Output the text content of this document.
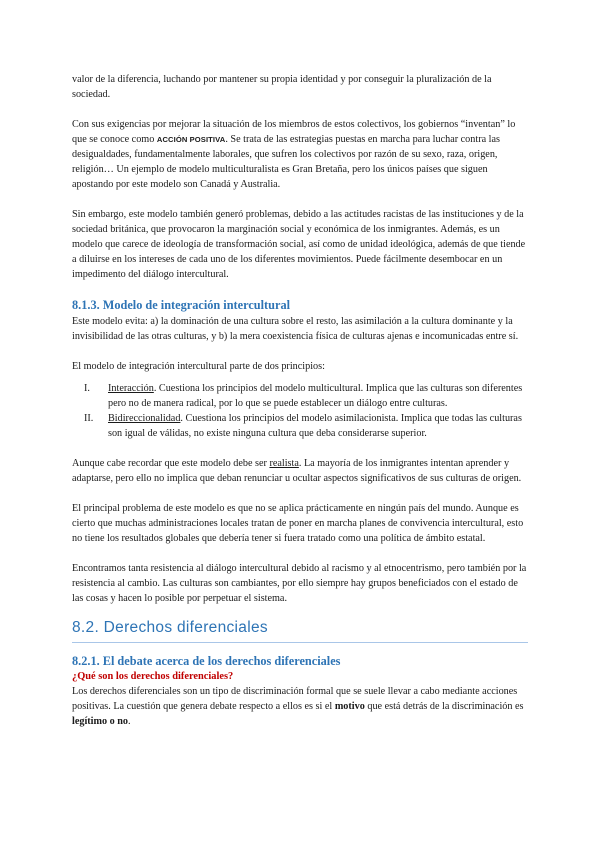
valor de la diferencia, luchando por mantener su propia identidad y por conseguir la pluralización de la sociedad.

Con sus exigencias por mejorar la situación de los miembros de estos colectivos, los gobiernos “inventan” lo que se conoce como ACCIÓN POSITIVA. Se trata de las estrategias puestas en marcha para luchar contra las desigualdades, fundamentalmente laborales, que sufren los colectivos por razón de su sexo, raza, origen, religión… Un ejemplo de modelo multiculturalista es Gran Bretaña, pero los únicos países que siguen apostando por este modelo son Canadá y Australia.

Sin embargo, este modelo también generó problemas, debido a las actitudes racistas de las instituciones y de la sociedad británica, que provocaron la marginación social y económica de los inmigrantes. Además, es un modelo que carece de ideología de transformación social, así como de unidad ideológica, además de que tiende a diluirse en los intereses de cada uno de los diferentes movimientos. Puede fácilmente desembocar en un impedimento del diálogo intercultural.

8.1.3. Modelo de integración intercultural

Este modelo evita: a) la dominación de una cultura sobre el resto, las asimilación a la cultura dominante y la invisibilidad de las otras culturas, y b) la mera coexistencia física de culturas ajenas e incomunicadas entre sí.

El modelo de integración intercultural parte de dos principios:

I. Interacción. Cuestiona los principios del modelo multicultural. Implica que las culturas son diferentes pero no de manera radical, por lo que se puede establecer un diálogo entre culturas.
II. Bidireccionalidad. Cuestiona los principios del modelo asimilacionista. Implica que todas las culturas son igual de válidas, no existe ninguna cultura que deba considerarse superior.

Aunque cabe recordar que este modelo debe ser realista. La mayoría de los inmigrantes intentan aprender y adaptarse, pero ello no implica que deban renunciar u ocultar aspectos significativos de sus culturas de origen.

El principal problema de este modelo es que no se aplica prácticamente en ningún país del mundo. Aunque es cierto que muchas administraciones locales tratan de poner en marcha planes de convivencia intercultural, esto no tiene los resultados globales que debería tener si fuera tratado como una política de ámbito estatal.

Encontramos tanta resistencia al diálogo intercultural debido al racismo y al etnocentrismo, pero también por la resistencia al cambio. Las culturas son cambiantes, por ello siempre hay grupos beneficiados con el estado de las cosas y hacen lo posible por perpetuar el sistema.

8.2. Derechos diferenciales
8.2.1. El debate acerca de los derechos diferenciales
¿Qué son los derechos diferenciales?

Los derechos diferenciales son un tipo de discriminación formal que se suele llevar a cabo mediante acciones positivas. La cuestión que genera debate respecto a ellos es si el motivo que está detrás de la discriminación es legítimo o no.
